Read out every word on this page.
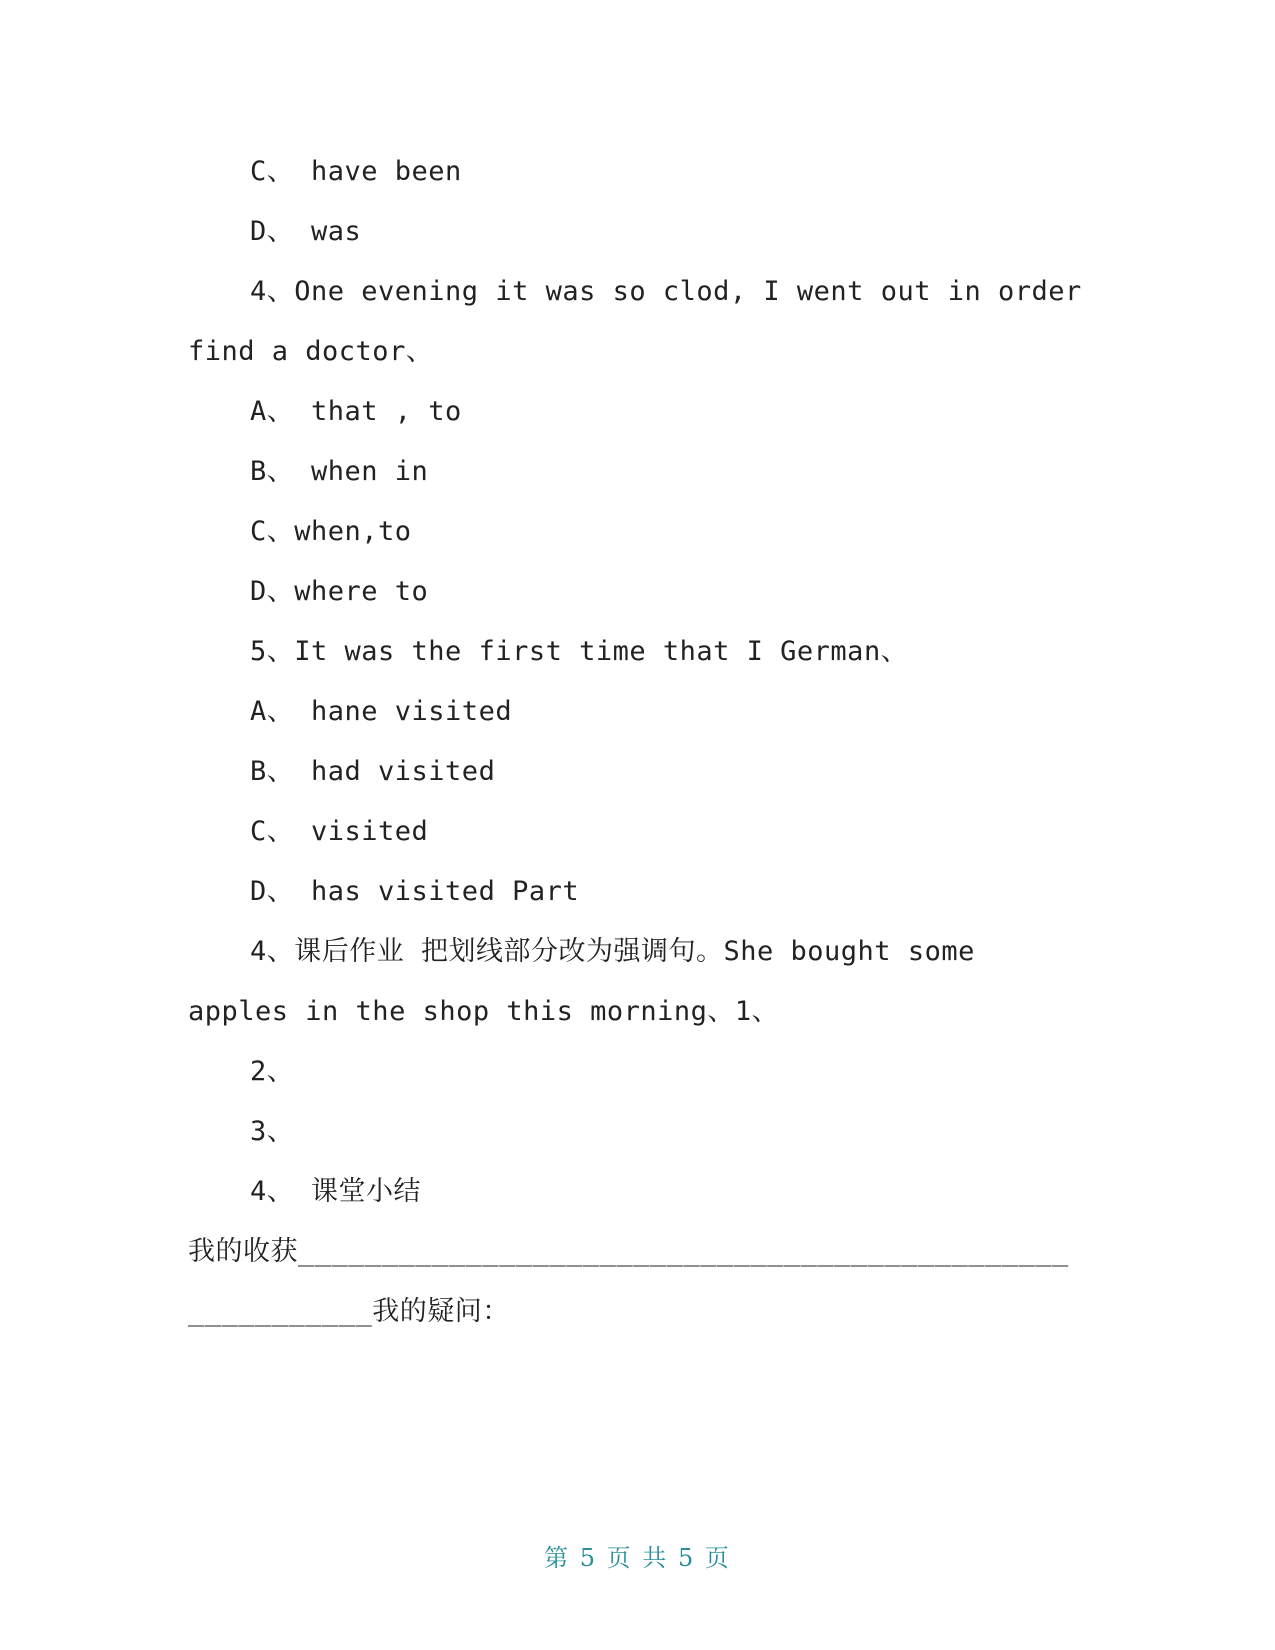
C、 have been
D、 was
4、One evening it was so clod, I went out in order
find a doctor、
A、 that , to
B、 when in
C、when,to
D、where to
5、It was the first time that I German、
A、 hane visited
B、 had visited
C、 visited
D、 has visited Part
4、课后作业 把划线部分改为强调句。She bought some
apples in the shop this morning、1、
2、
3、
4、 课堂小结
我的收获______________________________________________
___________我的疑问：
第 5 页 共 5 页
